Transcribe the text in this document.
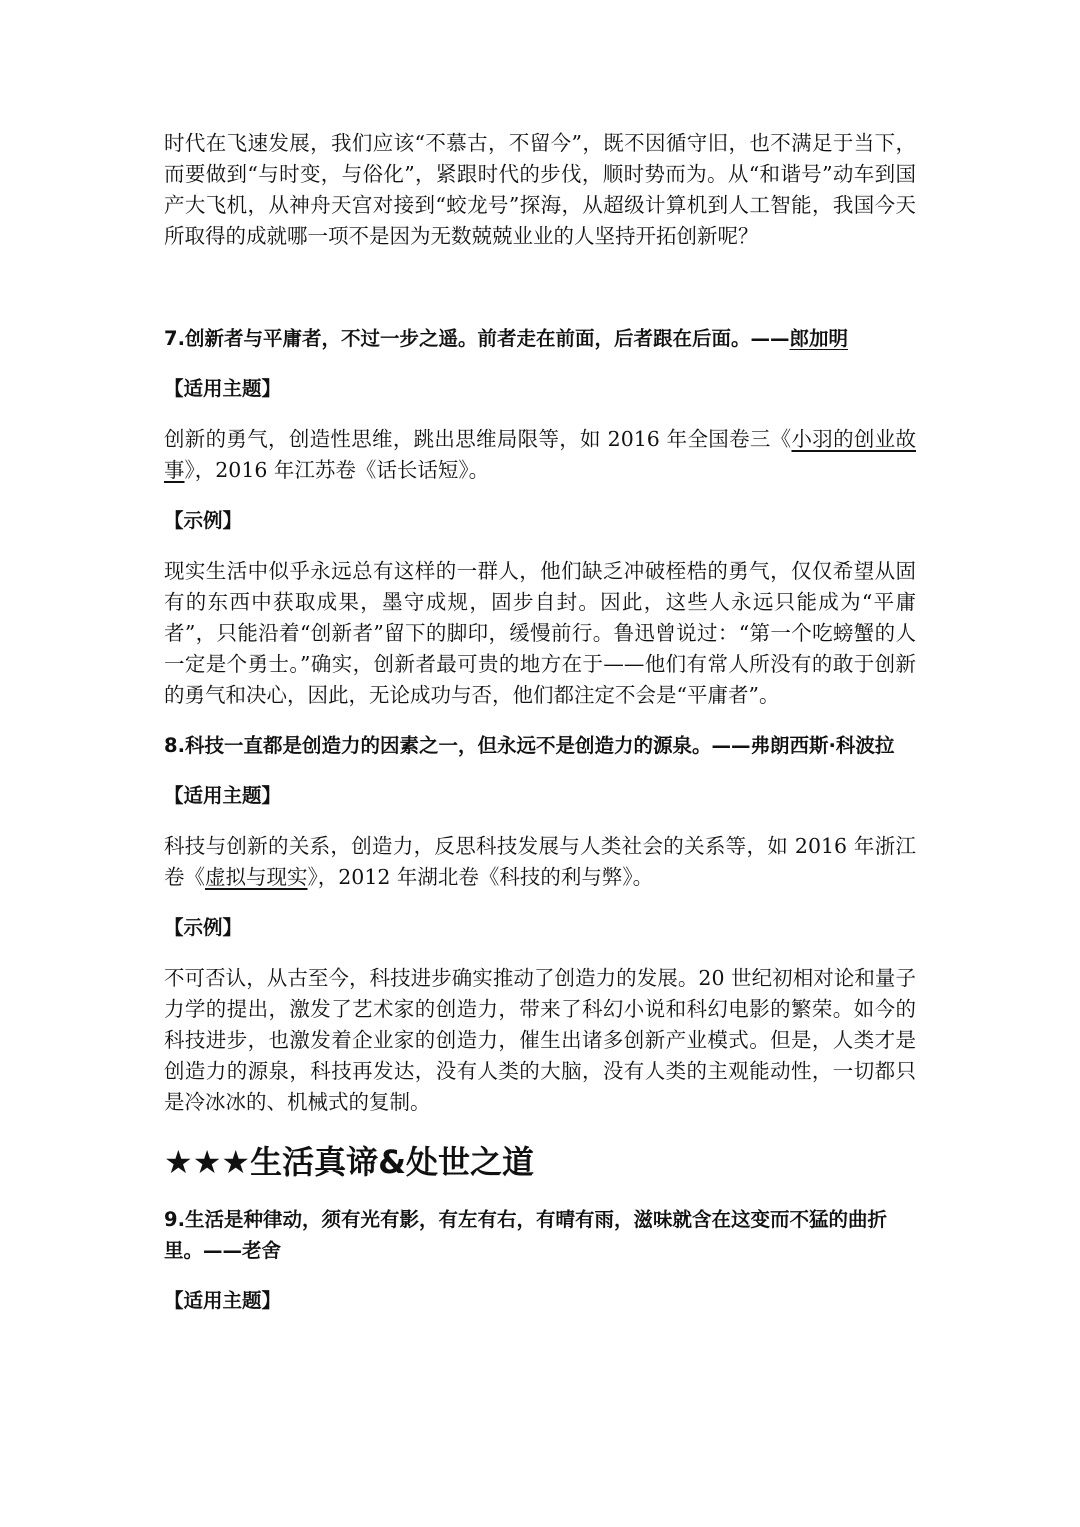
时代在飞速发展，我们应该“不慕古，不留今”，既不因循守旧，也不满足于当下，而要做到“与时变，与俗化”，紧跟时代的步伐，顺时势而为。从“和谐号”动车到国产大飞机，从神舟天宫对接到“蛟龙号”探海，从超级计算机到人工智能，我国今天所取得的成就哪一项不是因为无数兢兢业业的人坚持开拓创新呢？

7.创新者与平庸者，不过一步之遥。前者走在前面，后者跟在后面。——郎加明

【适用主题】

创新的勇气，创造性思维，跳出思维局限等，如 2016 年全国卷三《小羽的创业故事》，2016 年江苏卷《话长话短》。

【示例】

现实生活中似乎永远总有这样的一群人，他们缺乏冲破桎梏的勇气，仅仅希望从固有的东西中获取成果，墨守成规，固步自封。因此，这些人永远只能成为“平庸者”，只能沿着“创新者”留下的脚印，缓慢前行。鲁迅曾说过：“第一个吃螃蟹的人一定是个勇士。”确实，创新者最可贵的地方在于——他们有常人所没有的敢于创新的勇气和决心，因此，无论成功与否，他们都注定不会是“平庸者”。

8.科技一直都是创造力的因素之一，但永远不是创造力的源泉。——弗朗西斯·科波拉

【适用主题】

科技与创新的关系，创造力，反思科技发展与人类社会的关系等，如 2016 年浙江卷《虚拟与现实》，2012 年湖北卷《科技的利与弊》。

【示例】

不可否认，从古至今，科技进步确实推动了创造力的发展。20 世纪初相对论和量子力学的提出，激发了艺术家的创造力，带来了科幻小说和科幻电影的繁荣。如今的科技进步，也激发着企业家的创造力，催生出诸多创新产业模式。但是，人类才是创造力的源泉，科技再发达，没有人类的大脑，没有人类的主观能动性，一切都只是冷冰冰的、机械式的复制。

★★★生活真谛&处世之道

9.生活是种律动，须有光有影，有左有右，有晴有雨，滋味就含在这变而不猛的曲折里。——老舍

【适用主题】
